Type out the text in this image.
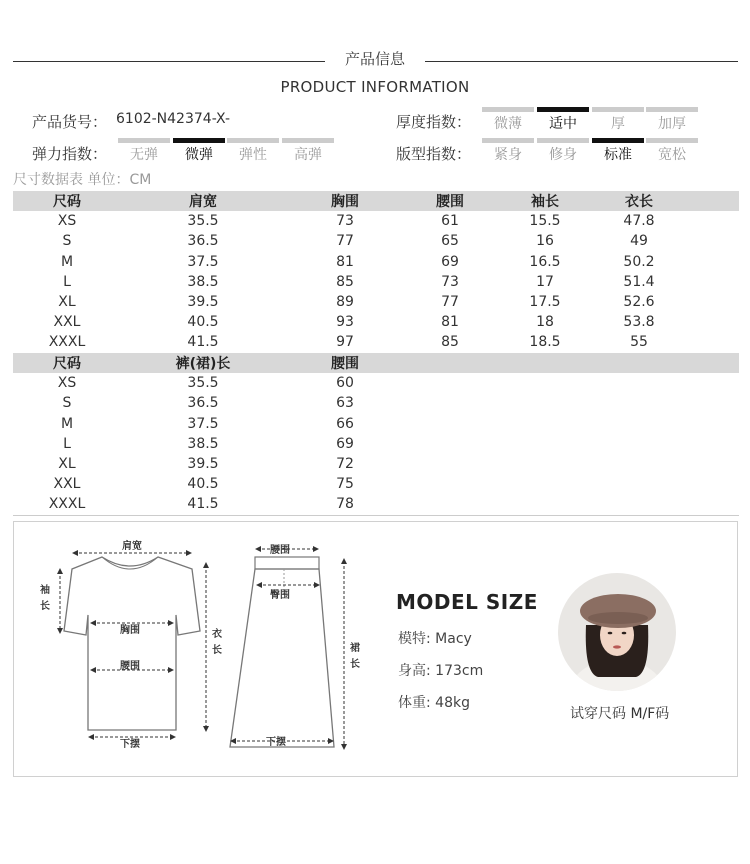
产品信息
PRODUCT INFORMATION
产品货号： 6102-N42374-X-
弹力指数：	无弹	微弹	弹性	高弹
厚度指数：	微薄	适中	厚	加厚
版型指数：	紧身	修身	标准	宽松
尺寸数据表 单位：CM
尺码	肩宽	胸围	腰围	袖长	衣长	
XS	35.5	73	61	15.5	47.8	
S	36.5	77	65	16	49	
M	37.5	81	69	16.5	50.2	
L	38.5	85	73	17	51.4	
XL	39.5	89	77	17.5	52.6	
XXL	40.5	93	81	18	53.8	
XXXL	41.5	97	85	18.5	55	
尺码	裤(裙)长	腰围	
XS	35.5	60	
S	36.5	63	
M	37.5	66	
L	38.5	69	
XL	39.5	72	
XXL	40.5	75	
XXXL	41.5	78	
肩宽
袖
长
胸围
腰围
下摆
衣
长
腰围
臀围
下摆
裙
长
MODEL SIZE
模特: Macy
身高: 173cm
体重: 48kg
试穿尺码 M/F码
